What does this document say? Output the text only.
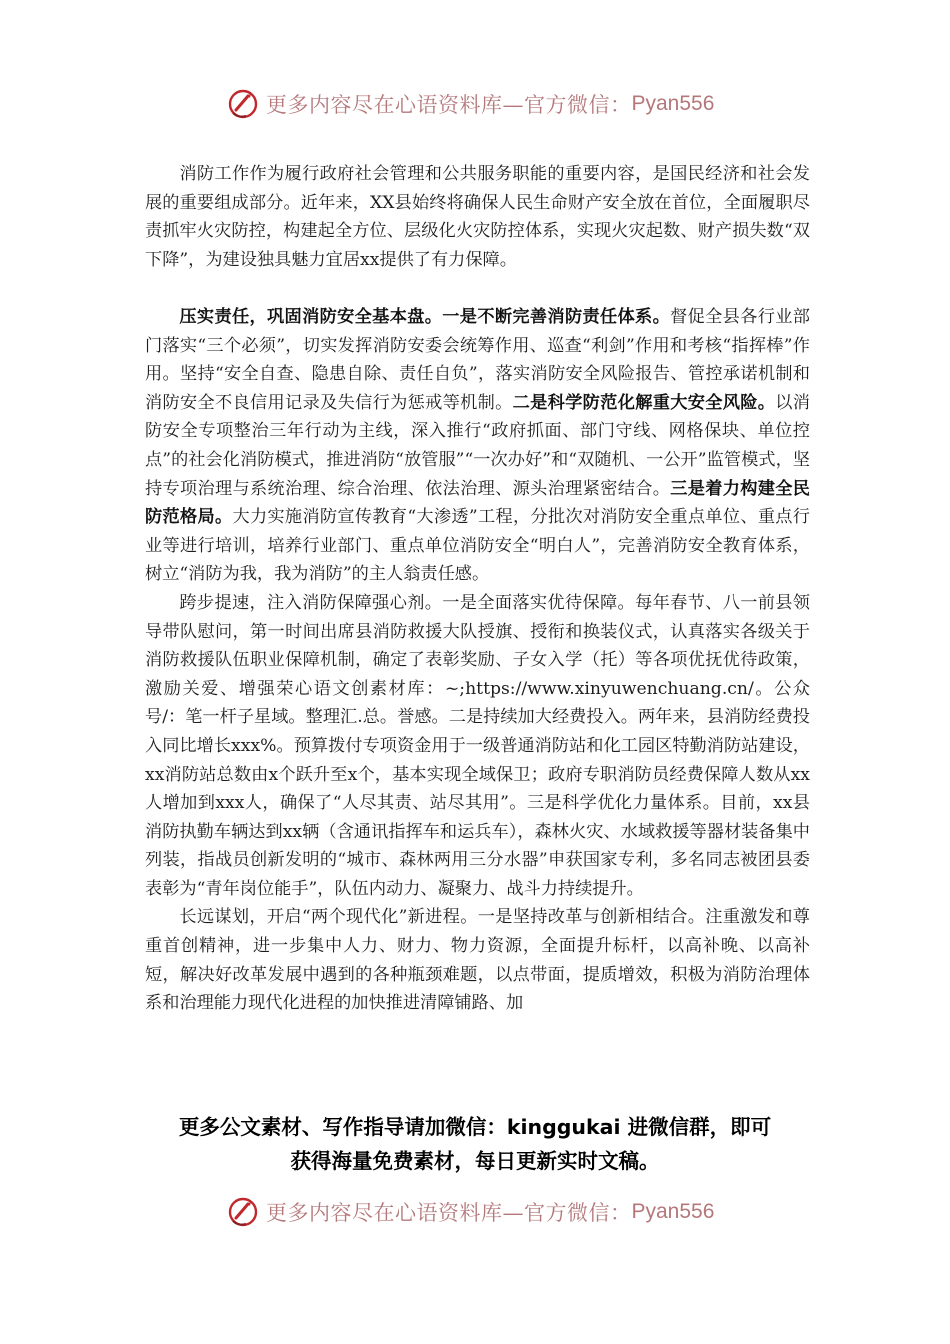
更多内容尽在心语资料库—官方微信： Pyan556

消防工作作为履行政府社会管理和公共服务职能的重要内容，是国民经济和社会发展的重要组成部分。近年来，XX县始终将确保人民生命财产安全放在首位，全面履职尽责抓牢火灾防控，构建起全方位、层级化火灾防控体系，实现火灾起数、财产损失数“双下降”，为建设独具魅力宜居xx提供了有力保障。

压实责任，巩固消防安全基本盘。一是不断完善消防责任体系。督促全县各行业部门落实“三个必须”，切实发挥消防安委会统筹作用、巡查“利剑”作用和考核“指挥棒”作用。坚持“安全自查、隐患自除、责任自负”，落实消防安全风险报告、管控承诺机制和消防安全不良信用记录及失信行为惩戒等机制。二是科学防范化解重大安全风险。以消防安全专项整治三年行动为主线，深入推行“政府抓面、部门守线、网格保块、单位控点”的社会化消防模式，推进消防“放管服”“一次办好”和“双随机、一公开”监管模式，坚持专项治理与系统治理、综合治理、依法治理、源头治理紧密结合。三是着力构建全民防范格局。大力实施消防宣传教育“大渗透”工程，分批次对消防安全重点单位、重点行业等进行培训，培养行业部门、重点单位消防安全“明白人”，完善消防安全教育体系，树立“消防为我，我为消防”的主人翁责任感。

跨步提速，注入消防保障强心剂。一是全面落实优待保障。每年春节、八一前县领导带队慰问，第一时间出席县消防救援大队授旗、授衔和换装仪式，认真落实各级关于消防救援队伍职业保障机制，确定了表彰奖励、子女入学（托）等各项优抚优待政策，激励关爱、增强荣心语文创素材库：~;https://www.xinyuwenchuang.cn/。公众号/：笔一杆子星域。整理汇.总。誉感。二是持续加大经费投入。两年来，县消防经费投入同比增长xxx%。预算拨付专项资金用于一级普通消防站和化工园区特勤消防站建设，xx消防站总数由x个跃升至x个，基本实现全域保卫；政府专职消防员经费保障人数从xx人增加到xxx人，确保了“人尽其责、站尽其用”。三是科学优化力量体系。目前，xx县消防执勤车辆达到xx辆（含通讯指挥车和运兵车），森林火灾、水域救援等器材装备集中列装，指战员创新发明的“城市、森林两用三分水器”申获国家专利，多名同志被团县委表彰为“青年岗位能手”，队伍内动力、凝聚力、战斗力持续提升。

长远谋划，开启“两个现代化”新进程。一是坚持改革与创新相结合。注重激发和尊重首创精神，进一步集中人力、财力、物力资源，全面提升标杆，以高补晚、以高补短，解决好改革发展中遇到的各种瓶颈难题，以点带面，提质增效，积极为消防治理体系和治理能力现代化进程的加快推进清障铺路、加

更多公文素材、写作指导请加微信：kinggukai 进微信群，即可
获得海量免费素材，每日更新实时文稿。
更多内容尽在心语资料库—官方微信： Pyan556
